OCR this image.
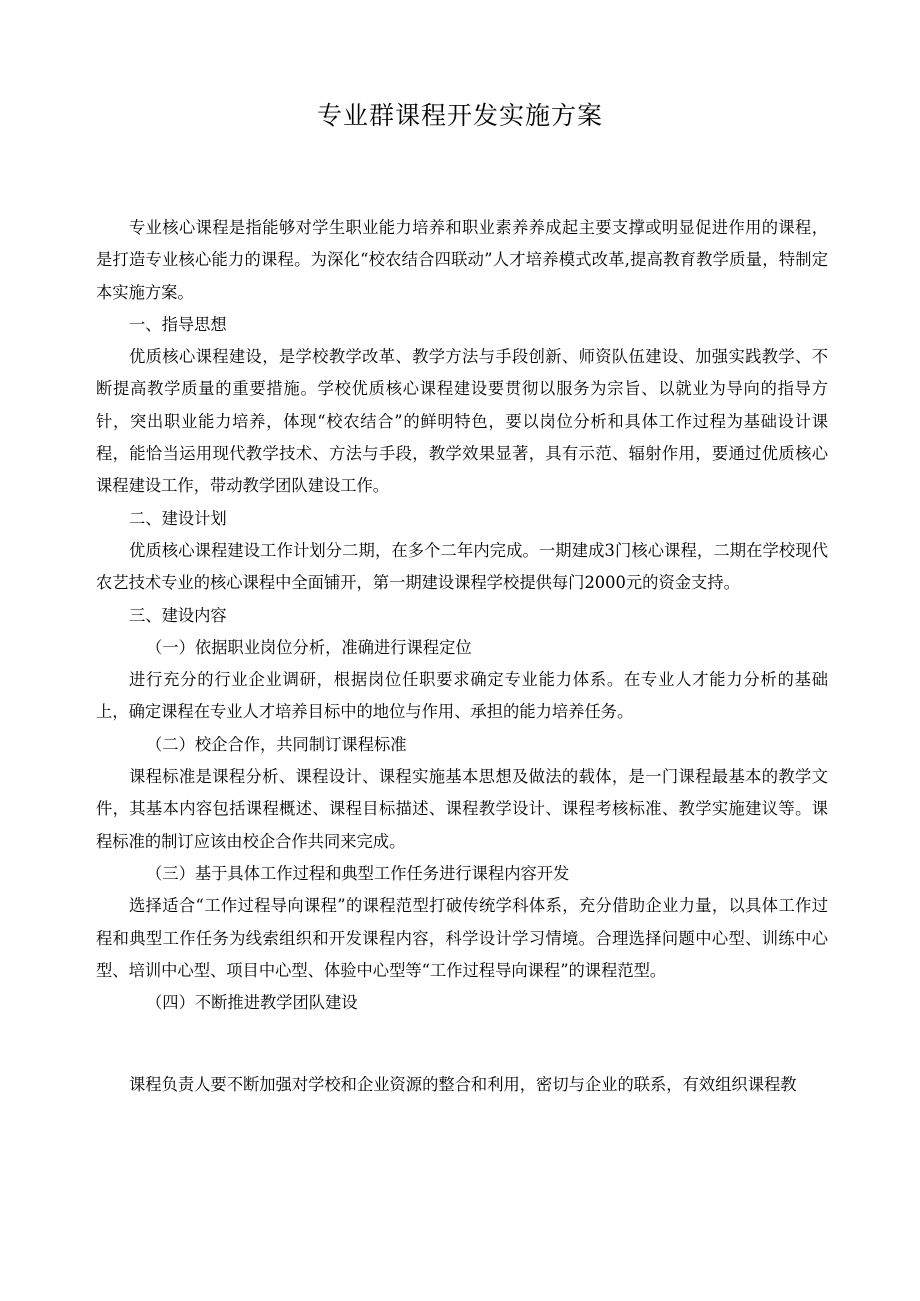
专业群课程开发实施方案

专业核心课程是指能够对学生职业能力培养和职业素养养成起主要支撑或明显促进作用的课程，是打造专业核心能力的课程。为深化“校农结合四联动”人才培养模式改革,提高教育教学质量，特制定本实施方案。

一、指导思想

优质核心课程建设，是学校教学改革、教学方法与手段创新、师资队伍建设、加强实践教学、不断提高教学质量的重要措施。学校优质核心课程建设要贯彻以服务为宗旨、以就业为导向的指导方针，突出职业能力培养，体现“校农结合”的鲜明特色，要以岗位分析和具体工作过程为基础设计课程，能恰当运用现代教学技术、方法与手段，教学效果显著，具有示范、辐射作用，要通过优质核心课程建设工作，带动教学团队建设工作。

二、建设计划

优质核心课程建设工作计划分二期，在多个二年内完成。一期建成3门核心课程，二期在学校现代农艺技术专业的核心课程中全面铺开，第一期建设课程学校提供每门2000元的资金支持。

三、建设内容

（一）依据职业岗位分析，准确进行课程定位

进行充分的行业企业调研，根据岗位任职要求确定专业能力体系。在专业人才能力分析的基础上，确定课程在专业人才培养目标中的地位与作用、承担的能力培养任务。

（二）校企合作，共同制订课程标准

课程标准是课程分析、课程设计、课程实施基本思想及做法的载体，是一门课程最基本的教学文件，其基本内容包括课程概述、课程目标描述、课程教学设计、课程考核标准、教学实施建议等。课程标准的制订应该由校企合作共同来完成。

（三）基于具体工作过程和典型工作任务进行课程内容开发

选择适合“工作过程导向课程”的课程范型打破传统学科体系，充分借助企业力量，以具体工作过程和典型工作任务为线索组织和开发课程内容，科学设计学习情境。合理选择问题中心型、训练中心型、培训中心型、项目中心型、体验中心型等“工作过程导向课程”的课程范型。

（四）不断推进教学团队建设

课程负责人要不断加强对学校和企业资源的整合和利用，密切与企业的联系，有效组织课程教
